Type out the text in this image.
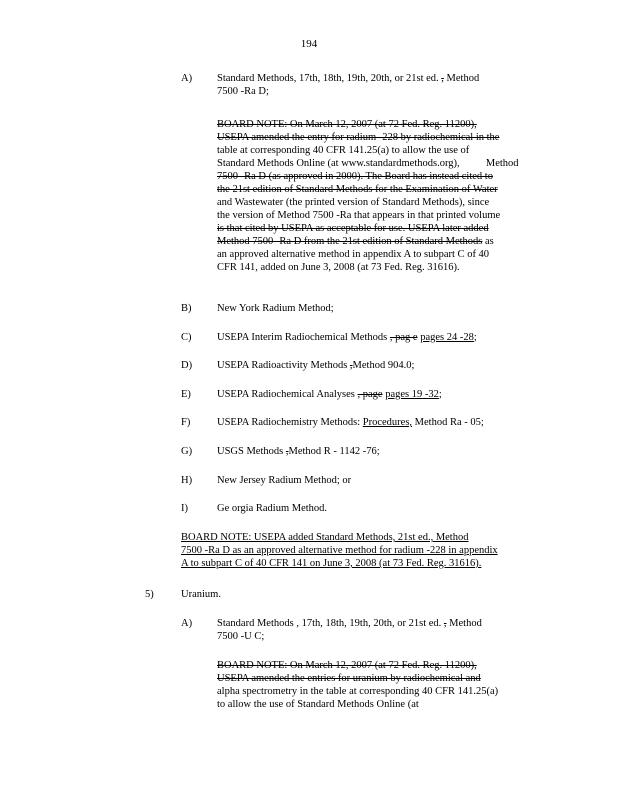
194
A)	Standard Methods, 17th, 18th, 19th, 20th, or 21st ed. , Method
7500 -Ra D;
BOARD NOTE: On March 12, 2007 (at 72 Fed. Reg. 11200),
USEPA amended the entry for radium -228 by radiochemical in the
table at corresponding 40 CFR 141.25(a) to allow the use of
Standard Methods Online (at www.standardmethods.org),	Method
7500 -Ra D (as approved in 2000). The Board has instead cited to
the 21st edition of Standard Methods for the Examination of Water
and Wastewater (the printed version of Standard Methods), since
the version of Method 7500 -Ra that appears in that printed volume
is that cited by USEPA as acceptable for use. USEPA later added
Method 7500 -Ra D from the 21st edition of Standard Methods as
an approved alternative method in appendix A to subpart C of 40
CFR 141, added on June 3, 2008 (at 73 Fed. Reg. 31616).
B)	New York Radium Method;
C)	USEPA Interim Radiochemical Methods , pag e pages 24 -28;
D)	USEPA Radioactivity Methods ,Method 904.0;
E)	USEPA Radiochemical Analyses , page pages 19 -32;
F)	USEPA Radiochemistry Methods: Procedures, Method Ra - 05;
G)	USGS Methods ,Method R - 1142 -76;
H)	New Jersey Radium Method; or
I)	Ge orgia Radium Method.
BOARD NOTE: USEPA added Standard Methods, 21st ed., Method
7500 -Ra D as an approved alternative method for radium -228 in appendix
A to subpart C of 40 CFR 141 on June 3, 2008 (at 73 Fed. Reg. 31616).
5)	Uranium.
A)	Standard Methods , 17th, 18th, 19th, 20th, or 21st ed. , Method
7500 -U C;
BOARD NOTE: On March 12, 2007 (at 72 Fed. Reg. 11200),
USEPA amended the entries for uranium by radiochemical and
alpha spectrometry in the table at corresponding 40 CFR 141.25(a)
to allow the use of Standard Methods Online (at
